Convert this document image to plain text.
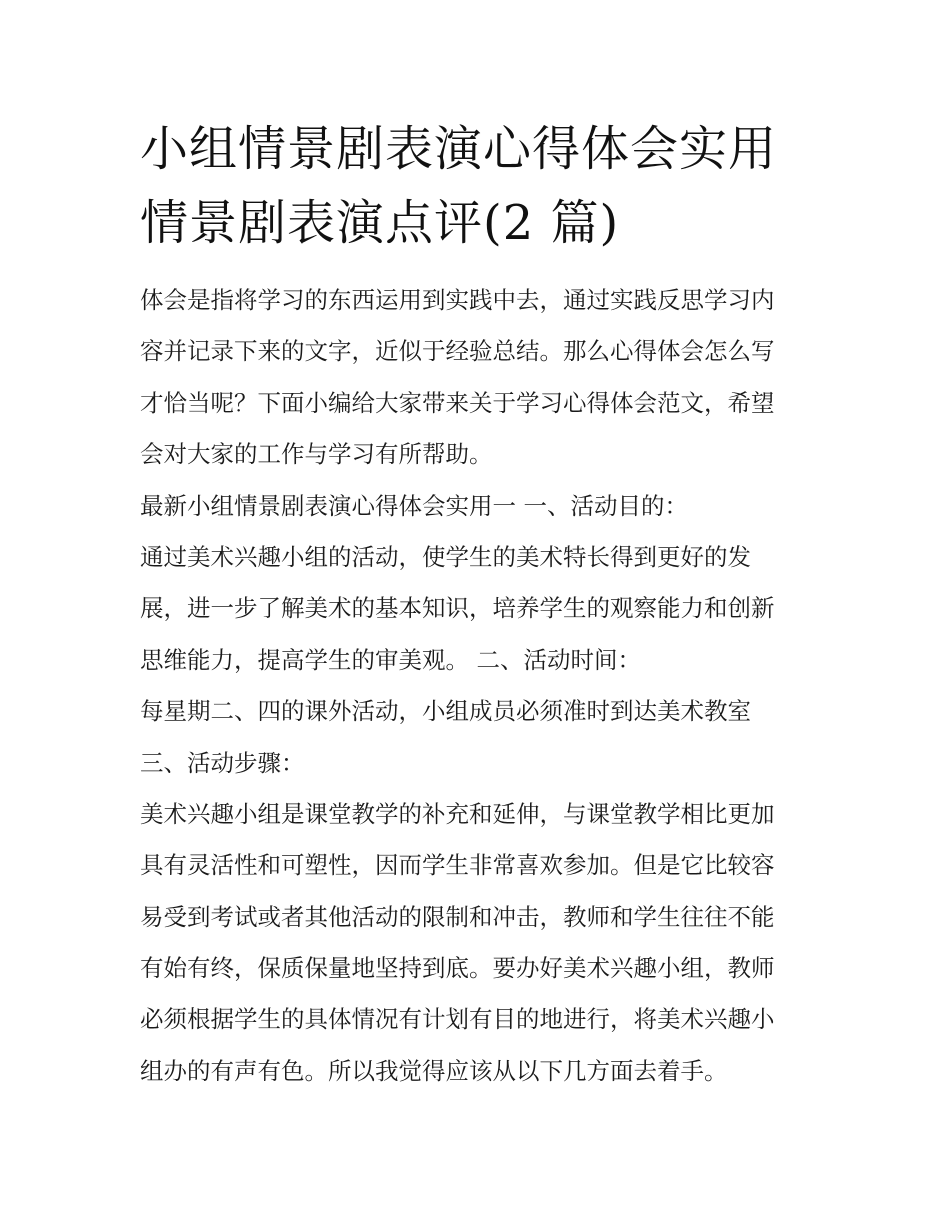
小组情景剧表演心得体会实用
情景剧表演点评(2 篇)
体会是指将学习的东西运用到实践中去，通过实践反思学习内
容并记录下来的文字，近似于经验总结。那么心得体会怎么写
才恰当呢？下面小编给大家带来关于学习心得体会范文，希望
会对大家的工作与学习有所帮助。
最新小组情景剧表演心得体会实用一 一、活动目的：
通过美术兴趣小组的活动，使学生的美术特长得到更好的发
展，进一步了解美术的基本知识，培养学生的观察能力和创新
思维能力，提高学生的审美观。 二、活动时间：
每星期二、四的课外活动，小组成员必须准时到达美术教室
三、活动步骤：
美术兴趣小组是课堂教学的补充和延伸，与课堂教学相比更加
具有灵活性和可塑性，因而学生非常喜欢参加。但是它比较容
易受到考试或者其他活动的限制和冲击，教师和学生往往不能
有始有终，保质保量地坚持到底。要办好美术兴趣小组，教师
必须根据学生的具体情况有计划有目的地进行，将美术兴趣小
组办的有声有色。所以我觉得应该从以下几方面去着手。
